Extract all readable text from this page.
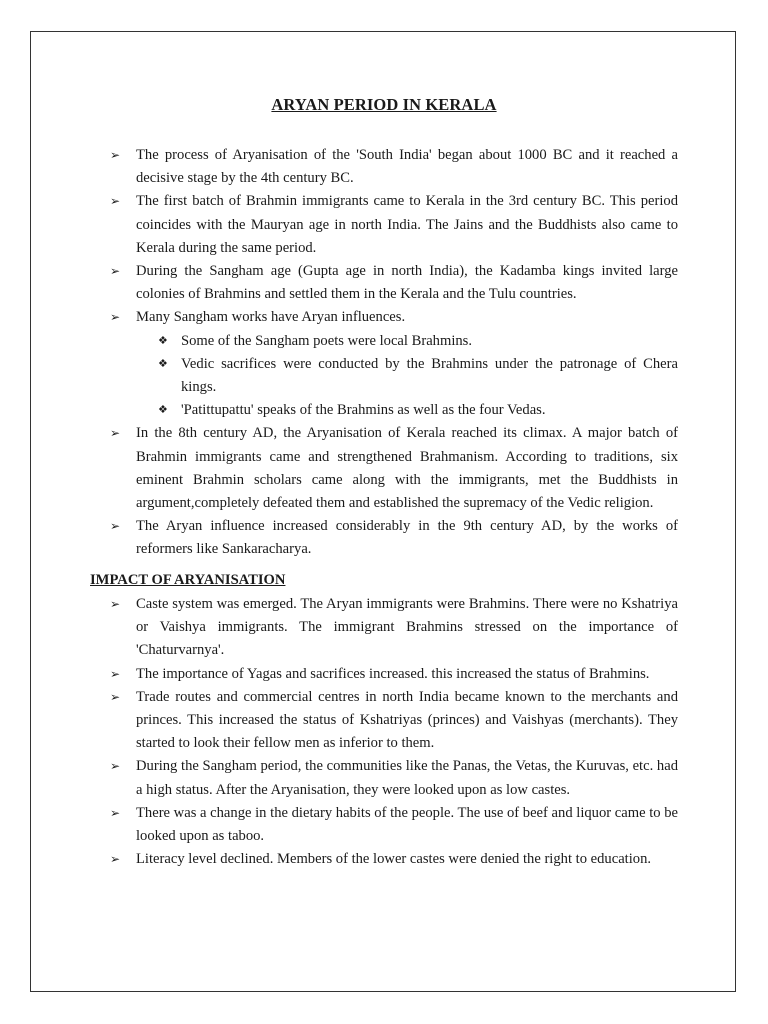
ARYAN PERIOD IN KERALA
➢ The process of Aryanisation of the 'South India' began about 1000 BC and it reached a decisive stage by the 4th century BC.
➢ The first batch of Brahmin immigrants came to Kerala in the 3rd century BC. This period coincides with the Mauryan age in north India. The Jains and the Buddhists also came to Kerala during the same period.
➢ During the Sangham age (Gupta age in north India), the Kadamba kings invited large colonies of Brahmins and settled them in the Kerala and the Tulu countries.
➢ Many Sangham works have Aryan influences.
❖ Some of the Sangham poets were local Brahmins.
❖ Vedic sacrifices were conducted by the Brahmins under the patronage of Chera kings.
❖ 'Patittupattu' speaks of the Brahmins as well as the four Vedas.
➢ In the 8th century AD, the Aryanisation of Kerala reached its climax. A major batch of Brahmin immigrants came and strengthened Brahmanism. According to traditions, six eminent Brahmin scholars came along with the immigrants, met the Buddhists in argument,completely defeated them and established the supremacy of the Vedic religion.
➢ The Aryan influence increased considerably in the 9th century AD, by the works of reformers like Sankaracharya.
IMPACT OF ARYANISATION
➢ Caste system was emerged. The Aryan immigrants were Brahmins. There were no Kshatriya or Vaishya immigrants. The immigrant Brahmins stressed on the importance of 'Chaturvarnya'.
➢ The importance of Yagas and sacrifices increased. this increased the status of Brahmins.
➢ Trade routes and commercial centres in north India became known to the merchants and princes. This increased the status of Kshatriyas (princes) and Vaishyas (merchants). They started to look their fellow men as inferior to them.
➢ During the Sangham period, the communities like the Panas, the Vetas, the Kuruvas, etc. had a high status. After the Aryanisation, they were looked upon as low castes.
➢ There was a change in the dietary habits of the people. The use of beef and liquor came to be looked upon as taboo.
➢ Literacy level declined. Members of the lower castes were denied the right to education.
